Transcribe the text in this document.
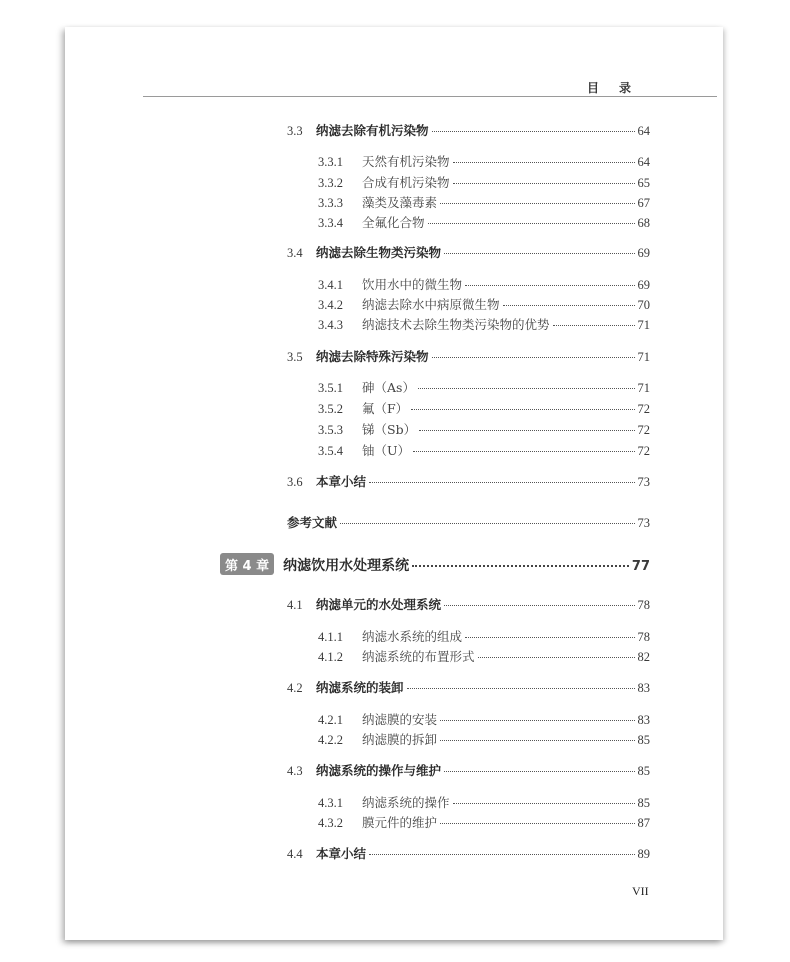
目录
3.3	纳滤去除有机污染物	64
3.3.1	天然有机污染物	64
3.3.2	合成有机污染物	65
3.3.3	藻类及藻毒素	67
3.3.4	全氟化合物	68
3.4	纳滤去除生物类污染物	69
3.4.1	饮用水中的微生物	69
3.4.2	纳滤去除水中病原微生物	70
3.4.3	纳滤技术去除生物类污染物的优势	71
3.5	纳滤去除特殊污染物	71
3.5.1	砷（As）	71
3.5.2	氟（F）	72
3.5.3	锑（Sb）	72
3.5.4	铀（U）	72
3.6	本章小结	73
参考文献	73
第 4 章	纳滤饮用水处理系统	77
4.1	纳滤单元的水处理系统	78
4.1.1	纳滤水系统的组成	78
4.1.2	纳滤系统的布置形式	82
4.2	纳滤系统的装卸	83
4.2.1	纳滤膜的安装	83
4.2.2	纳滤膜的拆卸	85
4.3	纳滤系统的操作与维护	85
4.3.1	纳滤系统的操作	85
4.3.2	膜元件的维护	87
4.4	本章小结	89
VII
